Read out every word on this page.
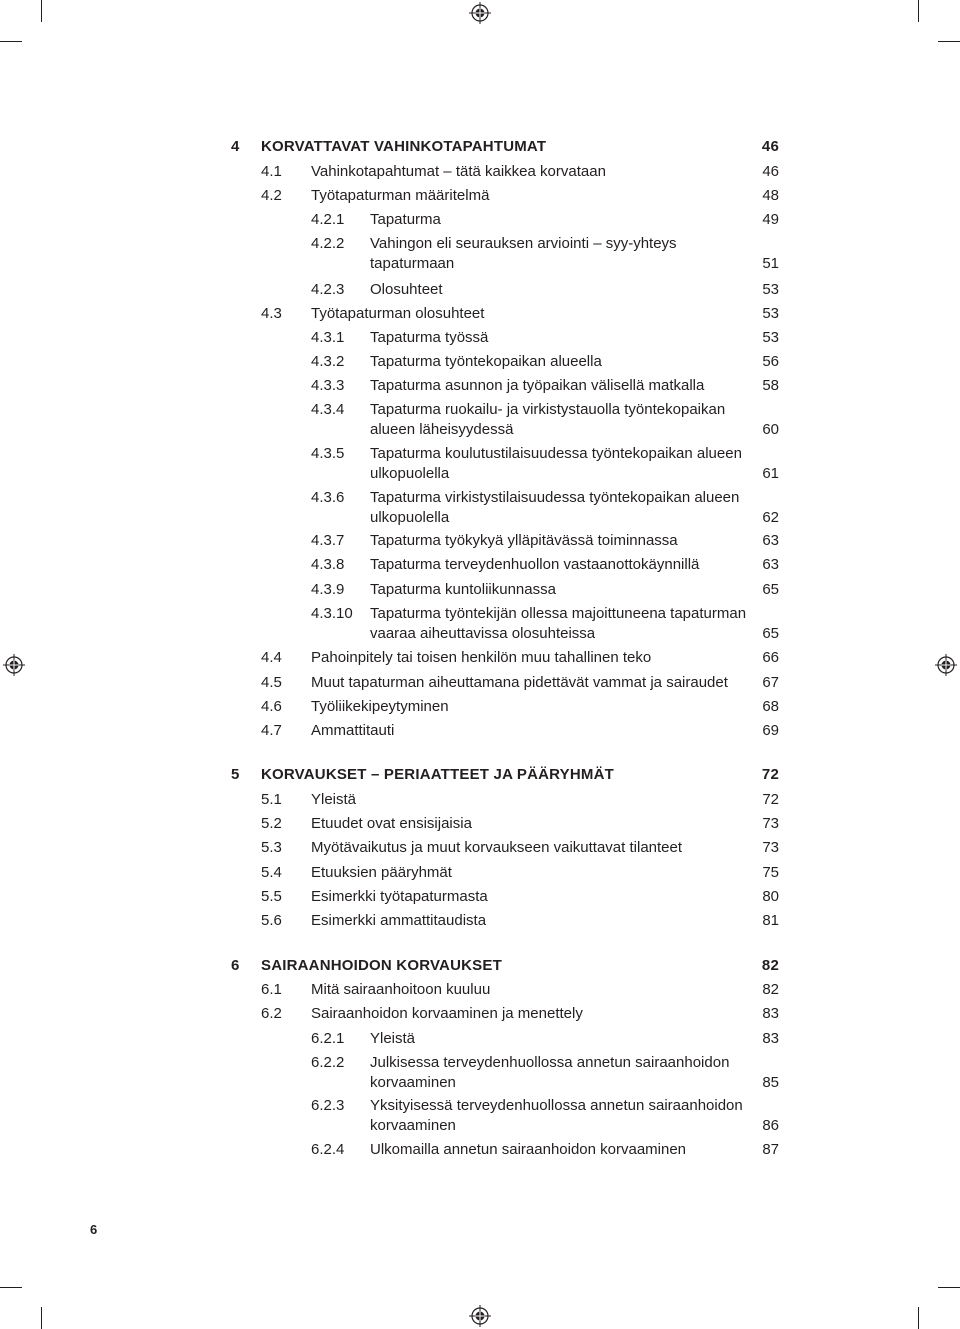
4 KORVATTAVAT VAHINKOTAPAHTUMAT	46
4.1 Vahinkotapahtumat – tätä kaikkea korvataan	46
4.2 Työtapaturman määritelmä	48
4.2.1 Tapaturma	49
4.2.2 Vahingon eli seurauksen arviointi – syy-yhteys
tapaturmaan	51
4.2.3 Olosuhteet	53
4.3 Työtapaturman olosuhteet	53
4.3.1 Tapaturma työssä	53
4.3.2 Tapaturma työntekopaikan alueella	56
4.3.3 Tapaturma asunnon ja työpaikan välisellä matkalla	58
4.3.4 Tapaturma ruokailu- ja virkistystauolla työntekopaikan
alueen läheisyydessä	60
4.3.5 Tapaturma koulutustilaisuudessa työntekopaikan alueen
ulkopuolella	61
4.3.6 Tapaturma virkistystilaisuudessa työntekopaikan alueen
ulkopuolella	62
4.3.7 Tapaturma työkykyä ylläpitävässä toiminnassa	63
4.3.8 Tapaturma terveydenhuollon vastaanottokäynnillä	63
4.3.9 Tapaturma kuntoliikunnassa	65
4.3.10 Tapaturma työntekijän ollessa majoittuneena tapaturman
vaaraa aiheuttavissa olosuhteissa	65
4.4 Pahoinpitely tai toisen henkilön muu tahallinen teko	66
4.5 Muut tapaturman aiheuttamana pidettävät vammat ja sairaudet 67
4.6 Työliikekipeytyminen	68
4.7 Ammattitauti	69
5 KORVAUKSET – PERIAATTEET JA PÄÄRYHMÄT	72
5.1 Yleistä	72
5.2 Etuudet ovat ensisijaisia	73
5.3 Myötävaikutus ja muut korvaukseen vaikuttavat tilanteet	73
5.4 Etuuksien pääryhmät	75
5.5 Esimerkki työtapaturmasta	80
5.6 Esimerkki ammattitaudista	81
6 SAIRAANHOIDON KORVAUKSET	82
6.1 Mitä sairaanhoitoon kuuluu	82
6.2 Sairaanhoidon korvaaminen ja menettely	83
6.2.1 Yleistä	83
6.2.2 Julkisessa terveydenhuollossa annetun sairaanhoidon
korvaaminen	85
6.2.3 Yksityisessä terveydenhuollossa annetun sairaanhoidon
korvaaminen	86
6.2.4 Ulkomailla annetun sairaanhoidon korvaaminen	87
6
